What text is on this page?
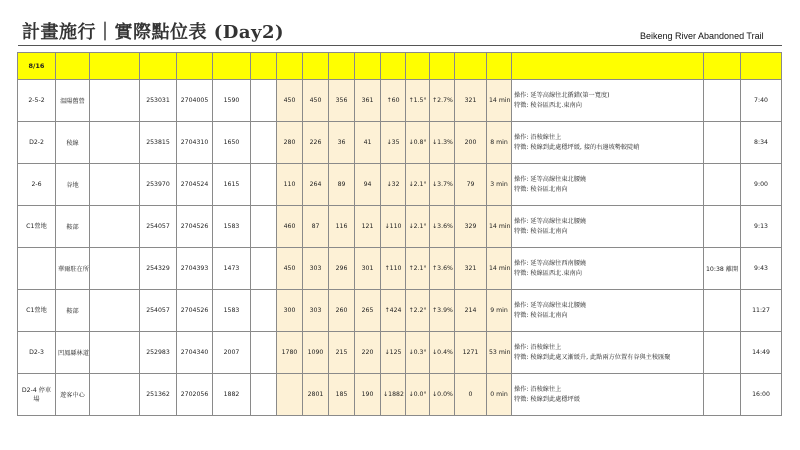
計畫施行｜實際點位表 (Day2)	Beikeng River Abandoned Trail
8/16																		
2-5-2	溫陽舊營		253031	2704005	1590		450	450	356	361	↑60	↑1.5°	↑2.7%	321	14 min	操作: 延等高線往北循錯(第一寬度)
特徵: 稜谷區西北.東南向		7:40
D2-2	稜線		253815	2704310	1650		280	226	36	41	↓35	↓0.8°	↓1.3%	200	8 min	操作: 沿稜線往上
特徵: 稜線到此處穩坪緩, 接的右邊坡勢較陡峭		8:34
2-6	谷地		253970	2704524	1615		110	264	89	94	↓32	↓2.1°	↓3.7%	79	3 min	操作: 延等高線往東北腰繞
特徵: 稜谷區北南向		9:00
C1營地	鞍部		254057	2704526	1583		460	87	116	121	↓110	↓2.1°	↓3.6%	329	14 min	操作: 延等高線往東北腰繞
特徵: 稜谷區北南向		9:13
	華爾駐在所		254329	2704393	1473		450	303	296	301	↑110	↑2.1°	↑3.6%	321	14 min	操作: 延等高線往西南腰繞
特徵: 稜線區西北.東南向	10:38 離開	9:43
C1營地	鞍部		254057	2704526	1583		300	303	260	265	↑424	↑2.2°	↑3.9%	214	9 min	操作: 延等高線往東北腰繞
特徵: 稜谷區北南向		11:27
D2-3	凹鳳縣林道		252983	2704340	2007		1780	1090	215	220	↓125	↓0.3°	↓0.4%	1271	53 min	操作: 沿稜線往上
特徵: 稜線到此處又漸緩升, 此點兩方位置有谷與主稜匯聚		14:49
D2-4 停車場	遊客中心		251362	2702056	1882			2801	185	190	↓1882	↓0.0°	↓0.0%	0	0 min	操作: 沿稜線往上
特徵: 稜線到此處穩坪緩		16:00
